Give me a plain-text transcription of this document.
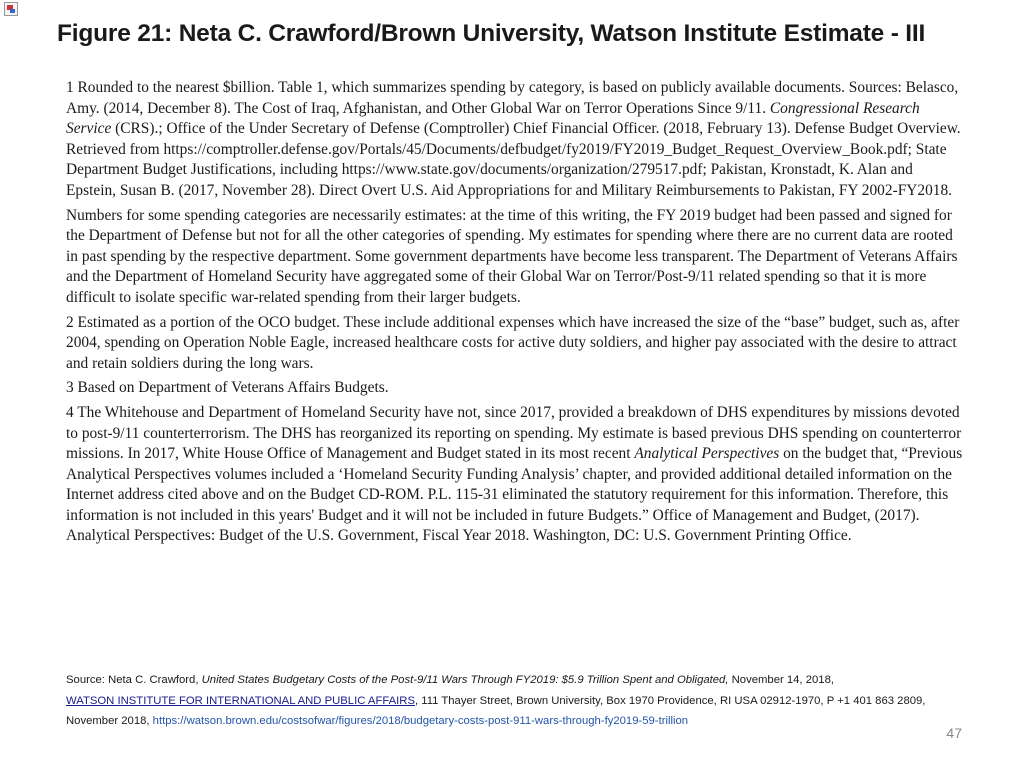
Figure 21: Neta C. Crawford/Brown University, Watson Institute Estimate - III

1 Rounded to the nearest $billion. Table 1, which summarizes spending by category, is based on publicly available documents. Sources: Belasco, Amy. (2014, December 8). The Cost of Iraq, Afghanistan, and Other Global War on Terror Operations Since 9/11. Congressional Research Service (CRS).; Office of the Under Secretary of Defense (Comptroller) Chief Financial Officer. (2018, February 13). Defense Budget Overview. Retrieved from https://comptroller.defense.gov/Portals/45/Documents/defbudget/fy2019/FY2019_Budget_Request_Overview_Book.pdf; State Department Budget Justifications, including https://www.state.gov/documents/organization/279517.pdf; Pakistan, Kronstadt, K. Alan and Epstein, Susan B. (2017, November 28). Direct Overt U.S. Aid Appropriations for and Military Reimbursements to Pakistan, FY 2002-FY2018.

Numbers for some spending categories are necessarily estimates: at the time of this writing, the FY 2019 budget had been passed and signed for the Department of Defense but not for all the other categories of spending. My estimates for spending where there are no current data are rooted in past spending by the respective department. Some government departments have become less transparent. The Department of Veterans Affairs and the Department of Homeland Security have aggregated some of their Global War on Terror/Post-9/11 related spending so that it is more difficult to isolate specific war-related spending from their larger budgets.

2 Estimated as a portion of the OCO budget. These include additional expenses which have increased the size of the “base” budget, such as, after 2004, spending on Operation Noble Eagle, increased healthcare costs for active duty soldiers, and higher pay associated with the desire to attract and retain soldiers during the long wars.

3 Based on Department of Veterans Affairs Budgets.

4 The Whitehouse and Department of Homeland Security have not, since 2017, provided a breakdown of DHS expenditures by missions devoted to post-9/11 counterterrorism. The DHS has reorganized its reporting on spending. My estimate is based previous DHS spending on counterterror missions. In 2017, White House Office of Management and Budget stated in its most recent Analytical Perspectives on the budget that, “Previous Analytical Perspectives volumes included a ‘Homeland Security Funding Analysis’ chapter, and provided additional detailed information on the Internet address cited above and on the Budget CD-ROM. P.L. 115-31 eliminated the statutory requirement for this information. Therefore, this information is not included in this years' Budget and it will not be included in future Budgets.” Office of Management and Budget, (2017). Analytical Perspectives: Budget of the U.S. Government, Fiscal Year 2018. Washington, DC: U.S. Government Printing Office.

Source: Neta C. Crawford, United States Budgetary Costs of the Post-9/11 Wars Through FY2019: $5.9 Trillion Spent and Obligated, November 14, 2018,
WATSON INSTITUTE FOR INTERNATIONAL AND PUBLIC AFFAIRS, 111 Thayer Street, Brown University, Box 1970 Providence, RI USA 02912-1970, P +1 401 863 2809, November 2018, https://watson.brown.edu/costsofwar/figures/2018/budgetary-costs-post-911-wars-through-fy2019-59-trillion
47
